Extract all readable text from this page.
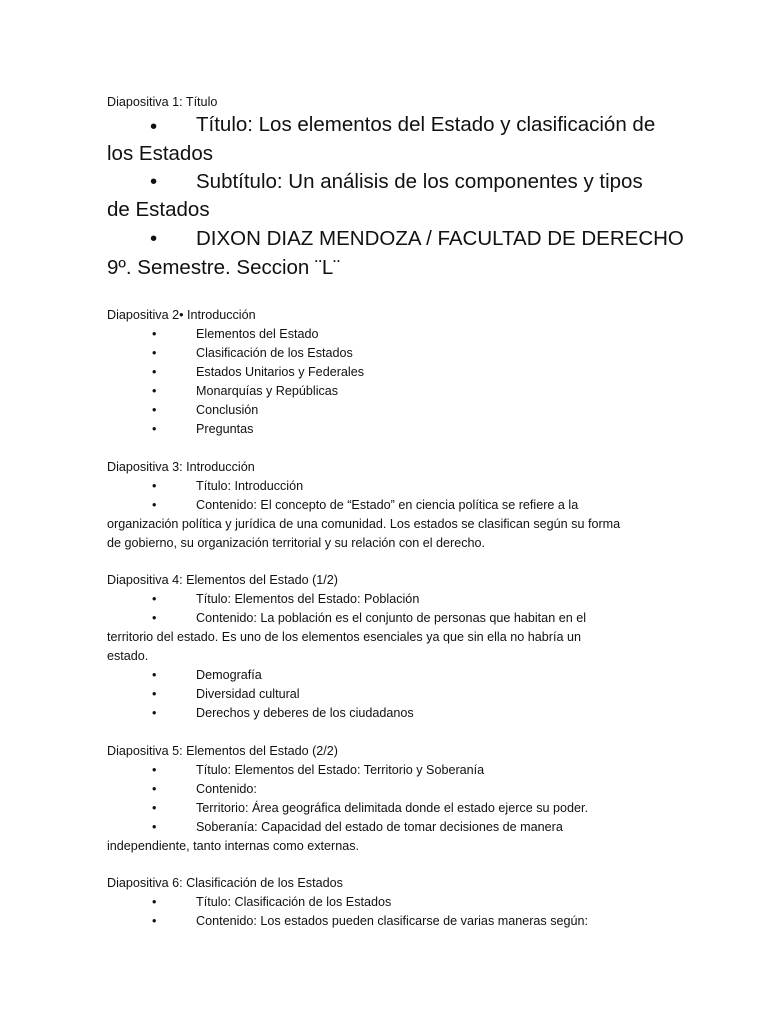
Diapositiva 1: Título
• Título: Los elementos del Estado y clasificación de
los Estados
• Subtítulo: Un análisis de los componentes y tipos
de Estados
• DIXON DIAZ MENDOZA / FACULTAD DE DERECHO
9º. Semestre. Seccion ¨L¨
Diapositiva 2• Introducción
•	Elementos del Estado
•	Clasificación de los Estados
•	Estados Unitarios y Federales
•	Monarquías y Repúblicas
•	Conclusión
•	Preguntas
Diapositiva 3: Introducción
•	Título: Introducción
•	Contenido: El concepto de “Estado” en ciencia política se refiere a la
organización política y jurídica de una comunidad. Los estados se clasifican según su forma
de gobierno, su organización territorial y su relación con el derecho.
Diapositiva 4: Elementos del Estado (1/2)
•	Título: Elementos del Estado: Población
•	Contenido: La población es el conjunto de personas que habitan en el
territorio del estado. Es uno de los elementos esenciales ya que sin ella no habría un
estado.
•	Demografía
•	Diversidad cultural
•	Derechos y deberes de los ciudadanos
Diapositiva 5: Elementos del Estado (2/2)
•	Título: Elementos del Estado: Territorio y Soberanía
•	Contenido:
•	Territorio: Área geográfica delimitada donde el estado ejerce su poder.
•	Soberanía: Capacidad del estado de tomar decisiones de manera
independiente, tanto internas como externas.
Diapositiva 6: Clasificación de los Estados
•	Título: Clasificación de los Estados
•	Contenido: Los estados pueden clasificarse de varias maneras según:
